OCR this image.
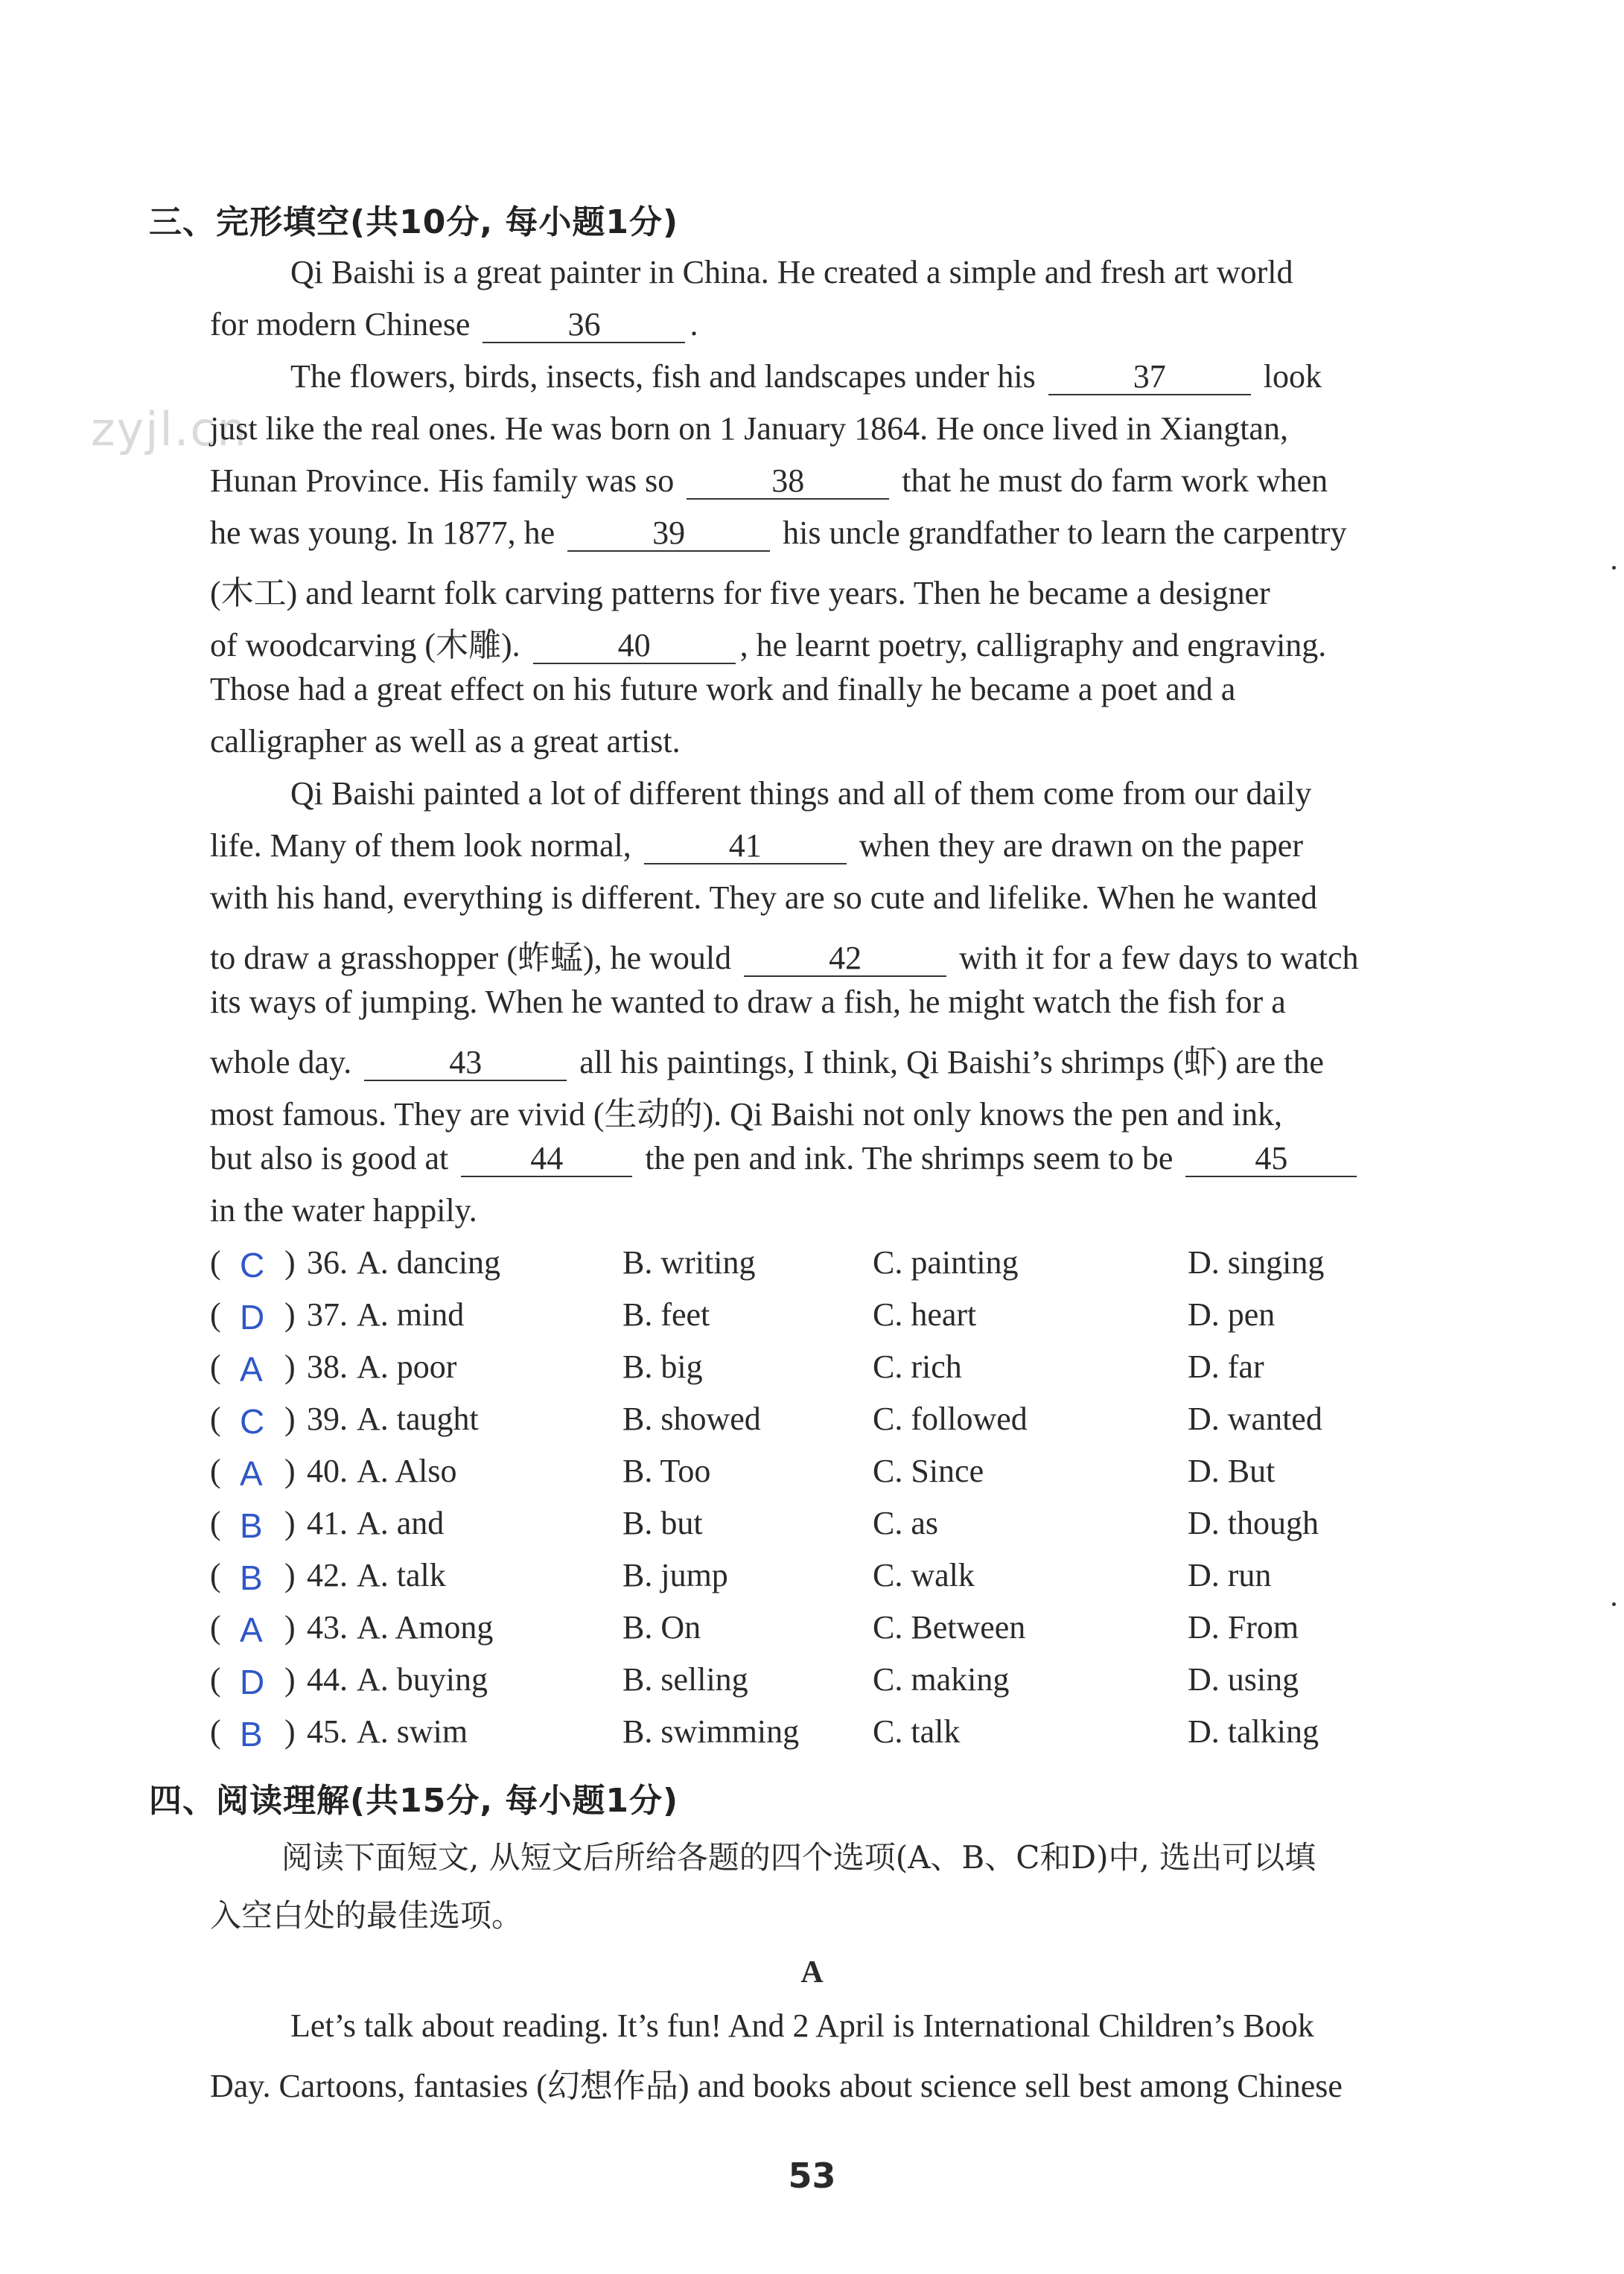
zyjl.cn
三、完形填空(共10分, 每小题1分)
Qi Baishi is a great painter in China. He created a simple and fresh art world
for modern Chinese	36	.
The flowers, birds, insects, fish and landscapes under his	37	look
just like the real ones. He was born on 1 January 1864. He once lived in Xiangtan,
Hunan Province. His family was so	38	that he must do farm work when
he was young. In 1877, he	39	his uncle grandfather to learn the carpentry
(木工) and learnt folk carving patterns for five years. Then he became a designer
of woodcarving (木雕).	40	, he learnt poetry, calligraphy and engraving.
Those had a great effect on his future work and finally he became a poet and a
calligrapher as well as a great artist.
Qi Baishi painted a lot of different things and all of them come from our daily
life. Many of them look normal,	41	when they are drawn on the paper
with his hand, everything is different. They are so cute and lifelike. When he wanted
to draw a grasshopper (蚱蜢), he would	42	with it for a few days to watch
its ways of jumping. When he wanted to draw a fish, he might watch the fish for a
whole day.	43	all his paintings, I think, Qi Baishi’s shrimps (虾) are the
most famous. They are vivid (生动的). Qi Baishi not only knows the pen and ink,
but also is good at	44	the pen and ink. The shrimps seem to be	45
in the water happily.
( C ) 36. A. dancing	B. writing	C. painting	D. singing
( D ) 37. A. mind	B. feet	C. heart	D. pen
( A ) 38. A. poor	B. big	C. rich	D. far
( C ) 39. A. taught	B. showed	C. followed	D. wanted
( A ) 40. A. Also	B. Too	C. Since	D. But
( B ) 41. A. and	B. but	C. as	D. though
( B ) 42. A. talk	B. jump	C. walk	D. run
( A ) 43. A. Among	B. On	C. Between	D. From
( D ) 44. A. buying	B. selling	C. making	D. using
( B ) 45. A. swim	B. swimming C. talk	D. talking
四、阅读理解(共15分, 每小题1分)
阅读下面短文, 从短文后所给各题的四个选项(A、B、C和D)中, 选出可以填
入空白处的最佳选项。
A
Let’s talk about reading. It’s fun! And 2 April is International Children’s Book
Day. Cartoons, fantasies (幻想作品) and books about science sell best among Chinese
53
